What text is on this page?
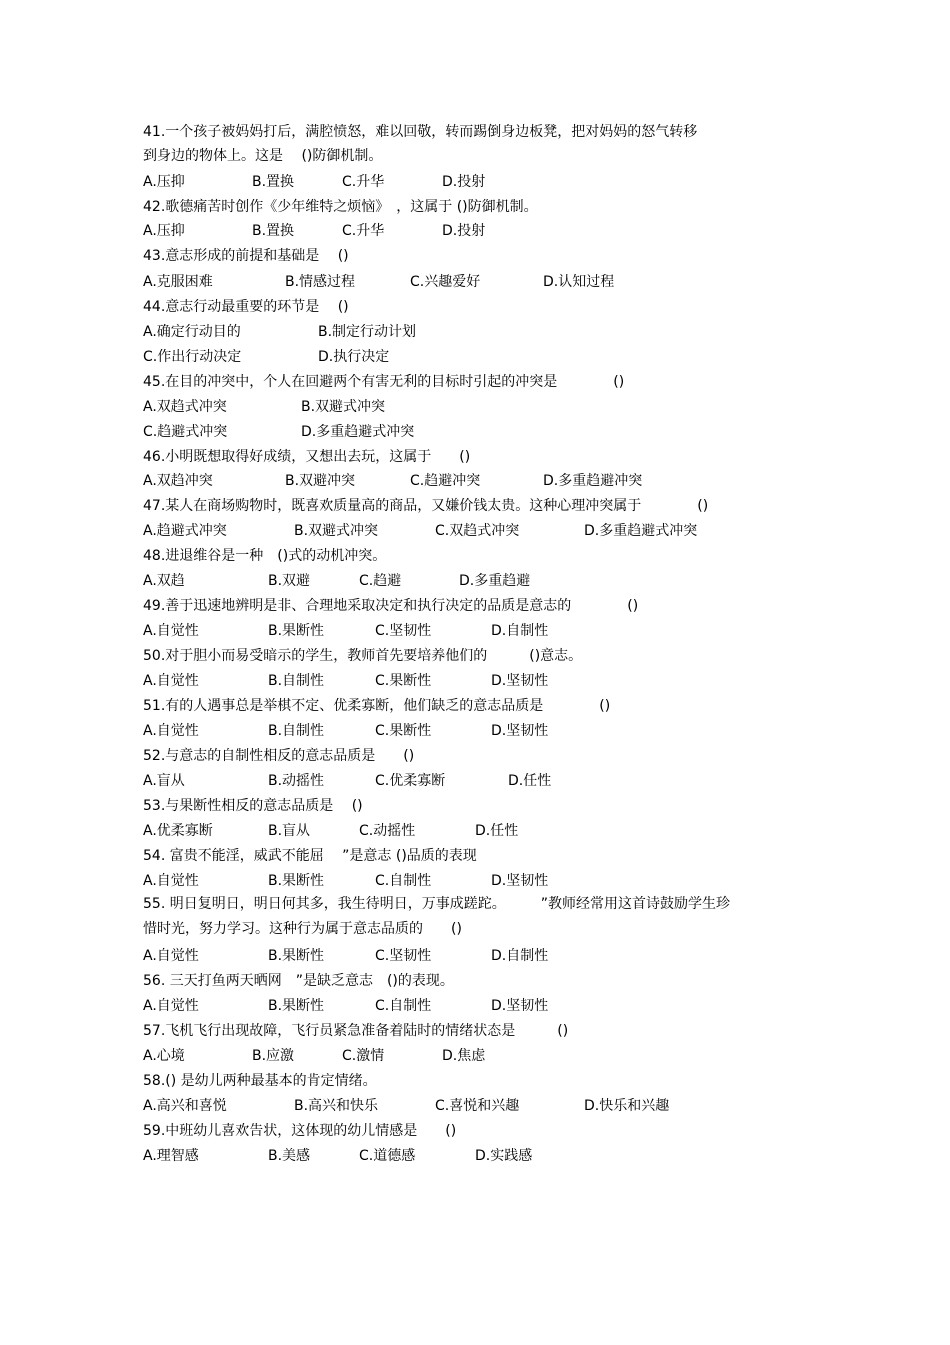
41.一个孩子被妈妈打后，满腔愤怒，难以回敬，转而踢倒身边板凳，把对妈妈的怒气转移

到身边的物体上。这是　 ()防御机制。

A.压抑	B.置换	C.升华	D.投射

42.歌德痛苦时创作《少年维特之烦恼》　，这属于 ()防御机制。

A.压抑	B.置换	C.升华	D.投射

43.意志形成的前提和基础是　 ()

A.克服困难	B.情感过程	C.兴趣爱好	D.认知过程

44.意志行动最重要的环节是　 ()

A.确定行动目的	B.制定行动计划
C.作出行动决定	D.执行决定

45.在目的冲突中，个人在回避两个有害无利的目标时引起的冲突是　　　　()

A.双趋式冲突	B.双避式冲突
C.趋避式冲突	D.多重趋避式冲突

46.小明既想取得好成绩，又想出去玩，这属于　　()

A.双趋冲突	B.双避冲突	C.趋避冲突	D.多重趋避冲突

47.某人在商场购物时，既喜欢质量高的商品，又嫌价钱太贵。这种心理冲突属于　　　　()

A.趋避式冲突	B.双避式冲突	C.双趋式冲突	D.多重趋避式冲突

48.进退维谷是一种　()式的动机冲突。

A.双趋	B.双避	C.趋避	D.多重趋避

49.善于迅速地辨明是非、合理地采取决定和执行决定的品质是意志的　　　　()

A.自觉性	B.果断性	C.坚韧性	D.自制性

50.对于胆小而易受暗示的学生，教师首先要培养他们的　　　()意志。

A.自觉性	B.自制性	C.果断性	D.坚韧性

51.有的人遇事总是举棋不定、优柔寡断，他们缺乏的意志品质是　　　　()

A.自觉性	B.自制性	C.果断性	D.坚韧性

52.与意志的自制性相反的意志品质是　　()

A.盲从	B.动摇性	C.优柔寡断	D.任性

53.与果断性相反的意志品质是　 ()

A.优柔寡断	B.盲从	C.动摇性	D.任性

54. 富贵不能淫，威武不能屈　 ”是意志 ()品质的表现

A.自觉性	B.果断性	C.自制性	D.坚韧性

55. 明日复明日，明日何其多，我生待明日，万事成蹉跎。　　　”教师经常用这首诗鼓励学生珍

惜时光，努力学习。这种行为属于意志品质的　　()

A.自觉性	B.果断性	C.坚韧性	D.自制性

56. 三天打鱼两天晒网　”是缺乏意志　()的表现。

A.自觉性	B.果断性	C.自制性	D.坚韧性

57.飞机飞行出现故障，飞行员紧急准备着陆时的情绪状态是　　　()

A.心境	B.应激	C.激情	D.焦虑

58.() 是幼儿两种最基本的肯定情绪。

A.高兴和喜悦	B.高兴和快乐	C.喜悦和兴趣	D.快乐和兴趣

59.中班幼儿喜欢告状，这体现的幼儿情感是　　()

A.理智感	B.美感	C.道德感	D.实践感
